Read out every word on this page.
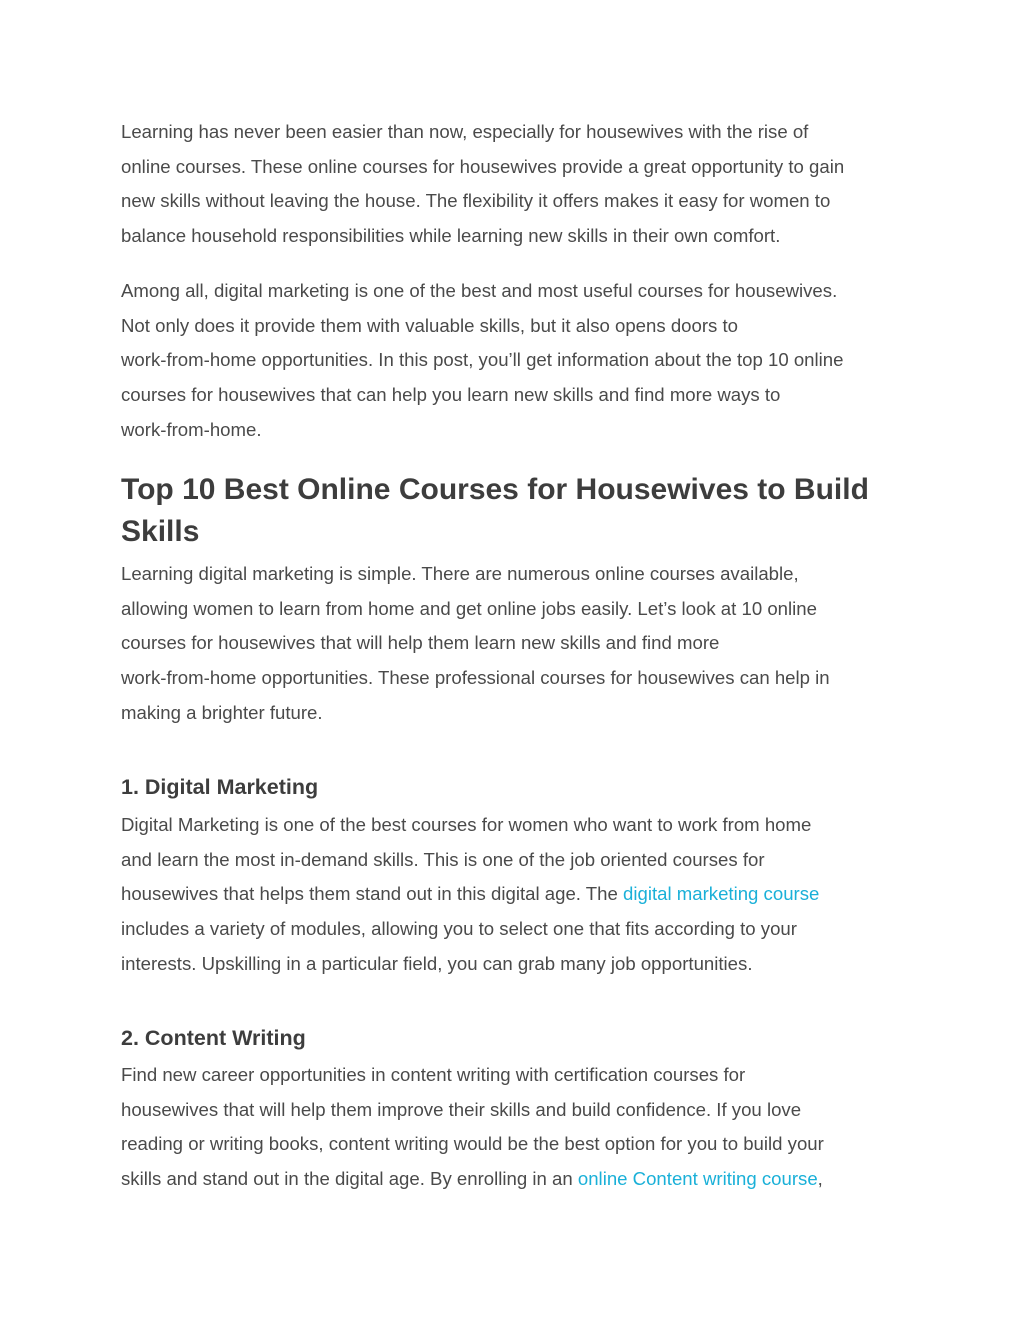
Learning has never been easier than now, especially for housewives with the rise of
online courses. These online courses for housewives provide a great opportunity to gain
new skills without leaving the house. The flexibility it offers makes it easy for women to
balance household responsibilities while learning new skills in their own comfort.

Among all, digital marketing is one of the best and most useful courses for housewives.
Not only does it provide them with valuable skills, but it also opens doors to
work-from-home opportunities. In this post, you’ll get information about the top 10 online
courses for housewives that can help you learn new skills and find more ways to
work-from-home.

Top 10 Best Online Courses for Housewives to Build
Skills

Learning digital marketing is simple. There are numerous online courses available,
allowing women to learn from home and get online jobs easily. Let’s look at 10 online
courses for housewives that will help them learn new skills and find more
work-from-home opportunities. These professional courses for housewives can help in
making a brighter future.

1. Digital Marketing

Digital Marketing is one of the best courses for women who want to work from home
and learn the most in-demand skills. This is one of the job oriented courses for
housewives that helps them stand out in this digital age. The digital marketing course
includes a variety of modules, allowing you to select one that fits according to your
interests. Upskilling in a particular field, you can grab many job opportunities.

2. Content Writing

Find new career opportunities in content writing with certification courses for
housewives that will help them improve their skills and build confidence. If you love
reading or writing books, content writing would be the best option for you to build your
skills and stand out in the digital age. By enrolling in an online Content writing course,
